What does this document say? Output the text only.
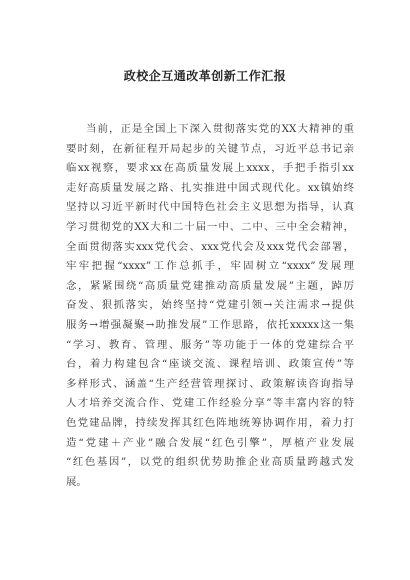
政校企互通改革创新工作汇报
当前，正是全国上下深入贯彻落实党的XX大精神的重
要时刻，在新征程开局起步的关键节点，习近平总书记亲
临xx视察，要求xx在高质量发展上xxxx，手把手指引xx
走好高质量发展之路、扎实推进中国式现代化。xx镇始终
坚持以习近平新时代中国特色社会主义思想为指导，认真
学习贯彻党的XX大和二十届一中、二中、三中全会精神，
全面贯彻落实xxx党代会、xxx党代会及xxx党代会部署，
牢牢把握“xxxx”工作总抓手，牢固树立“xxxx”发展理
念，紧紧围绕“高质量党建推动高质量发展”主题，踔厉
奋发、狠抓落实，始终坚持“党建引领→关注需求→提供
服务→增强凝聚→助推发展”工作思路，依托xxxxx这一集
“学习、教育、管理、服务”等功能于一体的党建综合平
台，着力构建包含“座谈交流、课程培训、政策宣传”等
多样形式、涵盖“生产经营管理探讨、政策解读咨询指导
人才培养交流合作、党建工作经验分享”等丰富内容的特
色党建品牌，持续发挥其红色阵地统筹协调作用，着力打
造“党建＋产业”融合发展“红色引擎”，厚植产业发展
“红色基因”，以党的组织优势助推企业高质量跨越式发
展。
